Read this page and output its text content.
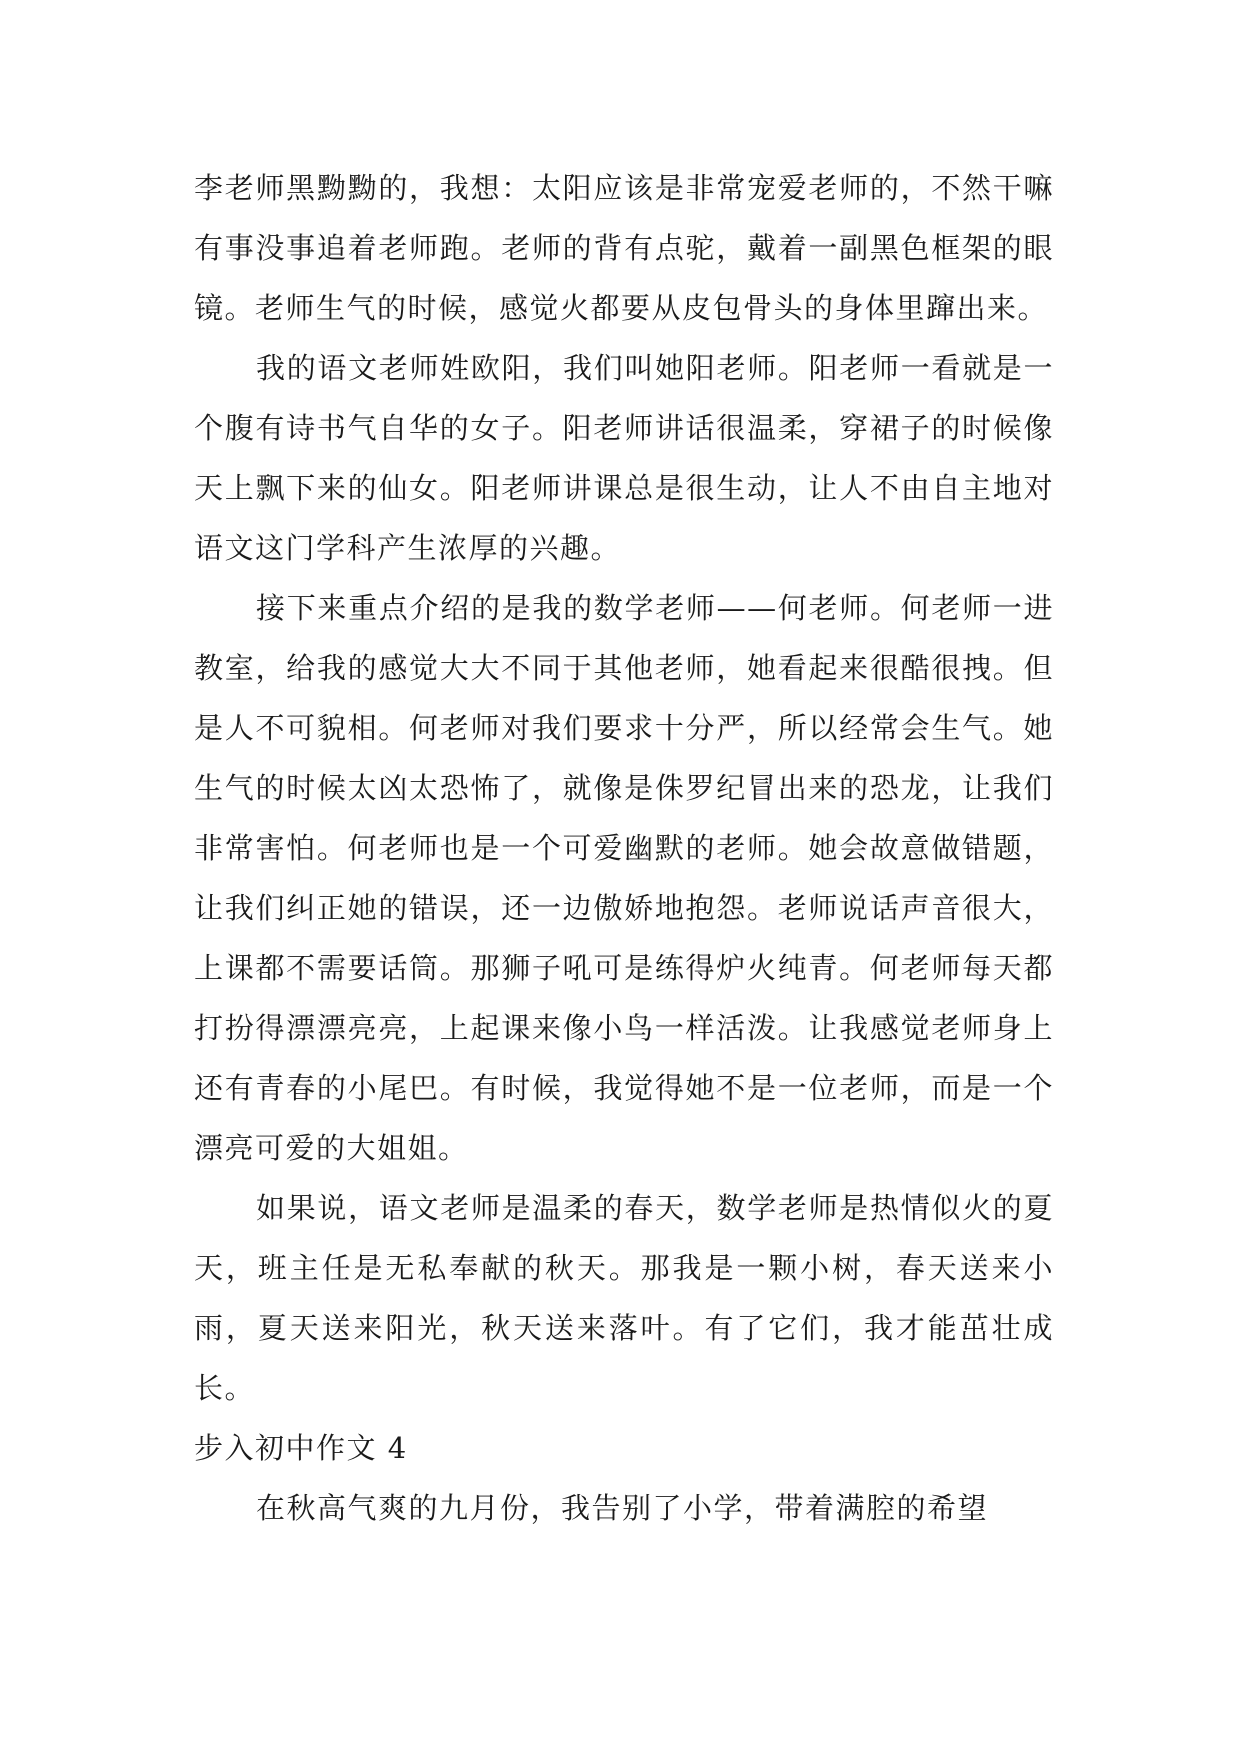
李老师黑黝黝的，我想：太阳应该是非常宠爱老师的，不然干嘛有事没事追着老师跑。老师的背有点驼，戴着一副黑色框架的眼镜。老师生气的时候，感觉火都要从皮包骨头的身体里蹿出来。

我的语文老师姓欧阳，我们叫她阳老师。阳老师一看就是一个腹有诗书气自华的女子。阳老师讲话很温柔，穿裙子的时候像天上飘下来的仙女。阳老师讲课总是很生动，让人不由自主地对语文这门学科产生浓厚的兴趣。

接下来重点介绍的是我的数学老师——何老师。何老师一进教室，给我的感觉大大不同于其他老师，她看起来很酷很拽。但是人不可貌相。何老师对我们要求十分严，所以经常会生气。她生气的时候太凶太恐怖了，就像是侏罗纪冒出来的恐龙，让我们非常害怕。何老师也是一个可爱幽默的老师。她会故意做错题，让我们纠正她的错误，还一边傲娇地抱怨。老师说话声音很大，上课都不需要话筒。那狮子吼可是练得炉火纯青。何老师每天都打扮得漂漂亮亮，上起课来像小鸟一样活泼。让我感觉老师身上还有青春的小尾巴。有时候，我觉得她不是一位老师，而是一个漂亮可爱的大姐姐。

如果说，语文老师是温柔的春天，数学老师是热情似火的夏天，班主任是无私奉献的秋天。那我是一颗小树，春天送来小雨，夏天送来阳光，秋天送来落叶。有了它们，我才能茁壮成长。

步入初中作文 4

在秋高气爽的九月份，我告别了小学，带着满腔的希望
